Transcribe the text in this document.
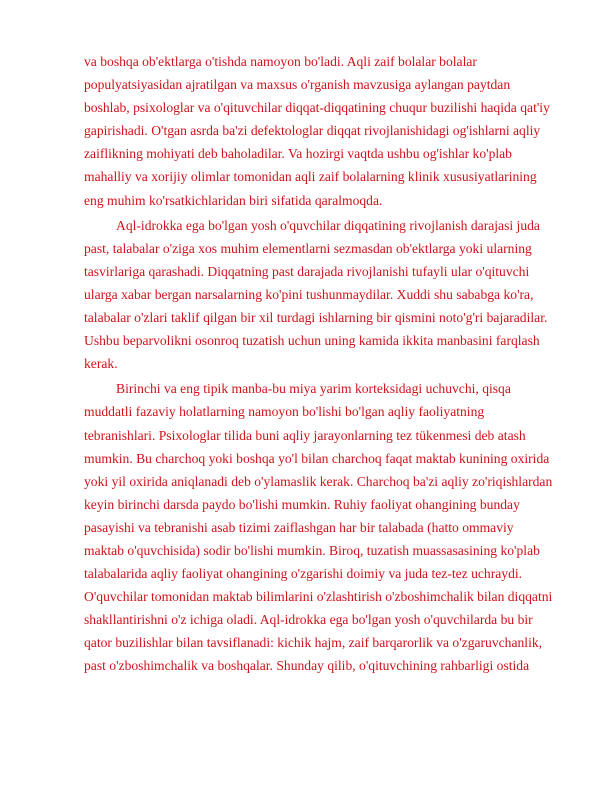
va boshqa ob'ektlarga o'tishda namoyon bo'ladi. Aqli zaif bolalar bolalar
populyatsiyasidan ajratilgan va maxsus o'rganish mavzusiga aylangan paytdan
boshlab, psixologlar va o'qituvchilar diqqat-diqqatining chuqur buzilishi haqida qat'iy
gapirishadi. O'tgan asrda ba'zi defektologlar diqqat rivojlanishidagi og'ishlarni aqliy
zaiflikning mohiyati deb baholadilar. Va hozirgi vaqtda ushbu og'ishlar ko'plab
mahalliy va xorijiy olimlar tomonidan aqli zaif bolalarning klinik xususiyatlarining
eng muhim ko'rsatkichlaridan biri sifatida qaralmoqda.
Aql-idrokka ega bo'lgan yosh o'quvchilar diqqatining rivojlanish darajasi juda
past, talabalar o'ziga xos muhim elementlarni sezmasdan ob'ektlarga yoki ularning
tasvirlariga qarashadi. Diqqatning past darajada rivojlanishi tufayli ular o'qituvchi
ularga xabar bergan narsalarning ko'pini tushunmaydilar. Xuddi shu sababga ko'ra,
talabalar o'zlari taklif qilgan bir xil turdagi ishlarning bir qismini noto'g'ri bajaradilar.
Ushbu beparvolikni osonroq tuzatish uchun uning kamida ikkita manbasini farqlash
kerak.
Birinchi va eng tipik manba-bu miya yarim korteksidagi uchuvchi, qisqa
muddatli fazaviy holatlarning namoyon bo'lishi bo'lgan aqliy faoliyatning
tebranishlari. Psixologlar tilida buni aqliy jarayonlarning tez tükenmesi deb atash
mumkin. Bu charchoq yoki boshqa yo'l bilan charchoq faqat maktab kunining oxirida
yoki yil oxirida aniqlanadi deb o'ylamaslik kerak. Charchoq ba'zi aqliy zo'riqishlardan
keyin birinchi darsda paydo bo'lishi mumkin. Ruhiy faoliyat ohangining bunday
pasayishi va tebranishi asab tizimi zaiflashgan har bir talabada (hatto ommaviy
maktab o'quvchisida) sodir bo'lishi mumkin. Biroq, tuzatish muassasasining ko'plab
talabalarida aqliy faoliyat ohangining o'zgarishi doimiy va juda tez-tez uchraydi.
O'quvchilar tomonidan maktab bilimlarini o'zlashtirish o'zboshimchalik bilan diqqatni
shakllantirishni o'z ichiga oladi. Aql-idrokka ega bo'lgan yosh o'quvchilarda bu bir
qator buzilishlar bilan tavsiflanadi: kichik hajm, zaif barqarorlik va o'zgaruvchanlik,
past o'zboshimchalik va boshqalar. Shunday qilib, o'qituvchining rahbarligi ostida
